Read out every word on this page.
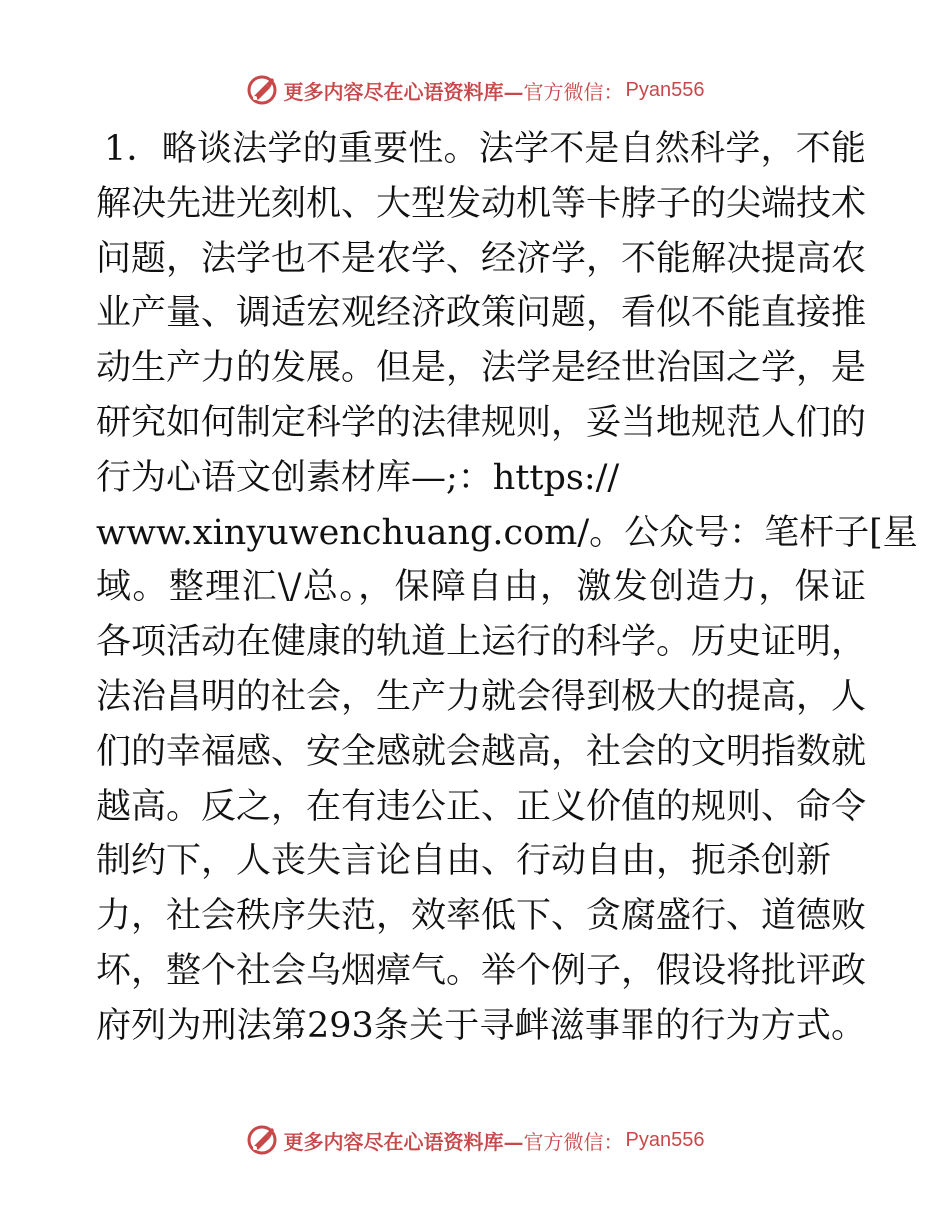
更多内容尽在心语资料库— 官方微信： Pyan556
1．略谈法学的重要性。法学不是自然科学，不能
解决先进光刻机、大型发动机等卡脖子的尖端技术
问题，法学也不是农学、经济学，不能解决提高农
业产量、调适宏观经济政策问题，看似不能直接推
动生产力的发展。但是，法学是经世治国之学，是
研究如何制定科学的法律规则，妥当地规范人们的
行为心语文创素材库—;：https://
www.xinyuwenchuang.com/。公众号：笔杆子[星
域。整理汇\/总。，保障自由，激发创造力，保证
各项活动在健康的轨道上运行的科学。历史证明，
法治昌明的社会，生产力就会得到极大的提高，人
们的幸福感、安全感就会越高，社会的文明指数就
越高。反之，在有违公正、正义价值的规则、命令
制约下，人丧失言论自由、行动自由，扼杀创新
力，社会秩序失范，效率低下、贪腐盛行、道德败
坏，整个社会乌烟瘴气。举个例子，假设将批评政
府列为刑法第293条关于寻衅滋事罪的行为方式。
更多内容尽在心语资料库— 官方微信： Pyan556
